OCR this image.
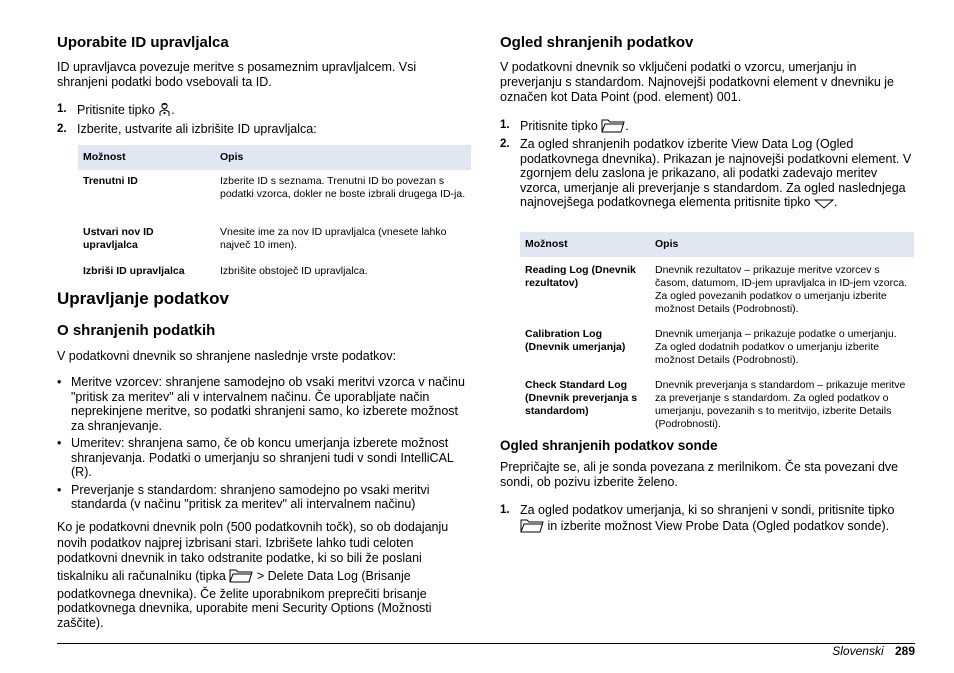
Uporabite ID upravljalca

ID upravljavca povezuje meritve s posameznim upravljalcem. Vsi shranjeni podatki bodo vsebovali ta ID.

1. Pritisnite tipko .
2. Izberite, ustvarite ali izbrišite ID upravljalca:
Možnost	Opis
Trenutni ID	Izberite ID s seznama. Trenutni ID bo povezan s podatki vzorca, dokler ne boste izbrali drugega ID-ja.
Ustvari nov ID upravljalca	Vnesite ime za nov ID upravljalca (vnesete lahko največ 10 imen).
Izbriši ID upravljalca	Izbrišite obstoječ ID upravljalca.
Upravljanje podatkov
O shranjenih podatkih

V podatkovni dnevnik so shranjene naslednje vrste podatkov:

• Meritve vzorcev: shranjene samodejno ob vsaki meritvi vzorca v načinu "pritisk za meritev" ali v intervalnem načinu. Če uporabljate način neprekinjene meritve, so podatki shranjeni samo, ko izberete možnost za shranjevanje.
• Umeritev: shranjena samo, če ob koncu umerjanja izberete možnost shranjevanja. Podatki o umerjanju so shranjeni tudi v sondi IntelliCAL (R).
• Preverjanje s standardom: shranjeno samodejno po vsaki meritvi standarda (v načinu "pritisk za meritev" ali intervalnem načinu)

Ko je podatkovni dnevnik poln (500 podatkovnih točk), so ob dodajanju novih podatkov najprej izbrisani stari. Izbrišete lahko tudi celoten podatkovni dnevnik in tako odstranite podatke, ki so bili že poslani

tiskalniku ali računalniku (tipka > Delete Data Log (Brisanje podatkovnega dnevnika). Če želite uporabnikom preprečiti brisanje podatkovnega dnevnika, uporabite meni Security Options (Možnosti zaščite).

Ogled shranjenih podatkov

V podatkovni dnevnik so vključeni podatki o vzorcu, umerjanju in preverjanju s standardom. Najnovejši podatkovni element v dnevniku je označen kot Data Point (pod. element) 001.

1. Pritisnite tipko .
2. Za ogled shranjenih podatkov izberite View Data Log (Ogled podatkovnega dnevnika). Prikazan je najnovejši podatkovni element. V zgornjem delu zaslona je prikazano, ali podatki zadevajo meritev vzorca, umerjanje ali preverjanje s standardom. Za ogled naslednjega najnovejšega podatkovnega elementa pritisnite tipko .
Možnost	Opis
Reading Log (Dnevnik rezultatov)	Dnevnik rezultatov – prikazuje meritve vzorcev s časom, datumom, ID-jem upravljalca in ID-jem vzorca. Za ogled povezanih podatkov o umerjanju izberite možnost Details (Podrobnosti).
Calibration Log (Dnevnik umerjanja)	Dnevnik umerjanja – prikazuje podatke o umerjanju. Za ogled dodatnih podatkov o umerjanju izberite možnost Details (Podrobnosti).
Check Standard Log (Dnevnik preverjanja s standardom)	Dnevnik preverjanja s standardom – prikazuje meritve za preverjanje s standardom. Za ogled podatkov o umerjanju, povezanih s to meritvijo, izberite Details (Podrobnosti).
Ogled shranjenih podatkov sonde

Prepričajte se, ali je sonda povezana z merilnikom. Če sta povezani dve sondi, ob pozivu izberite želeno.

1. Za ogled podatkov umerjanja, ki so shranjeni v sondi, pritisnite tipko  in izberite možnost View Probe Data (Ogled podatkov sonde).
Slovenski 289
